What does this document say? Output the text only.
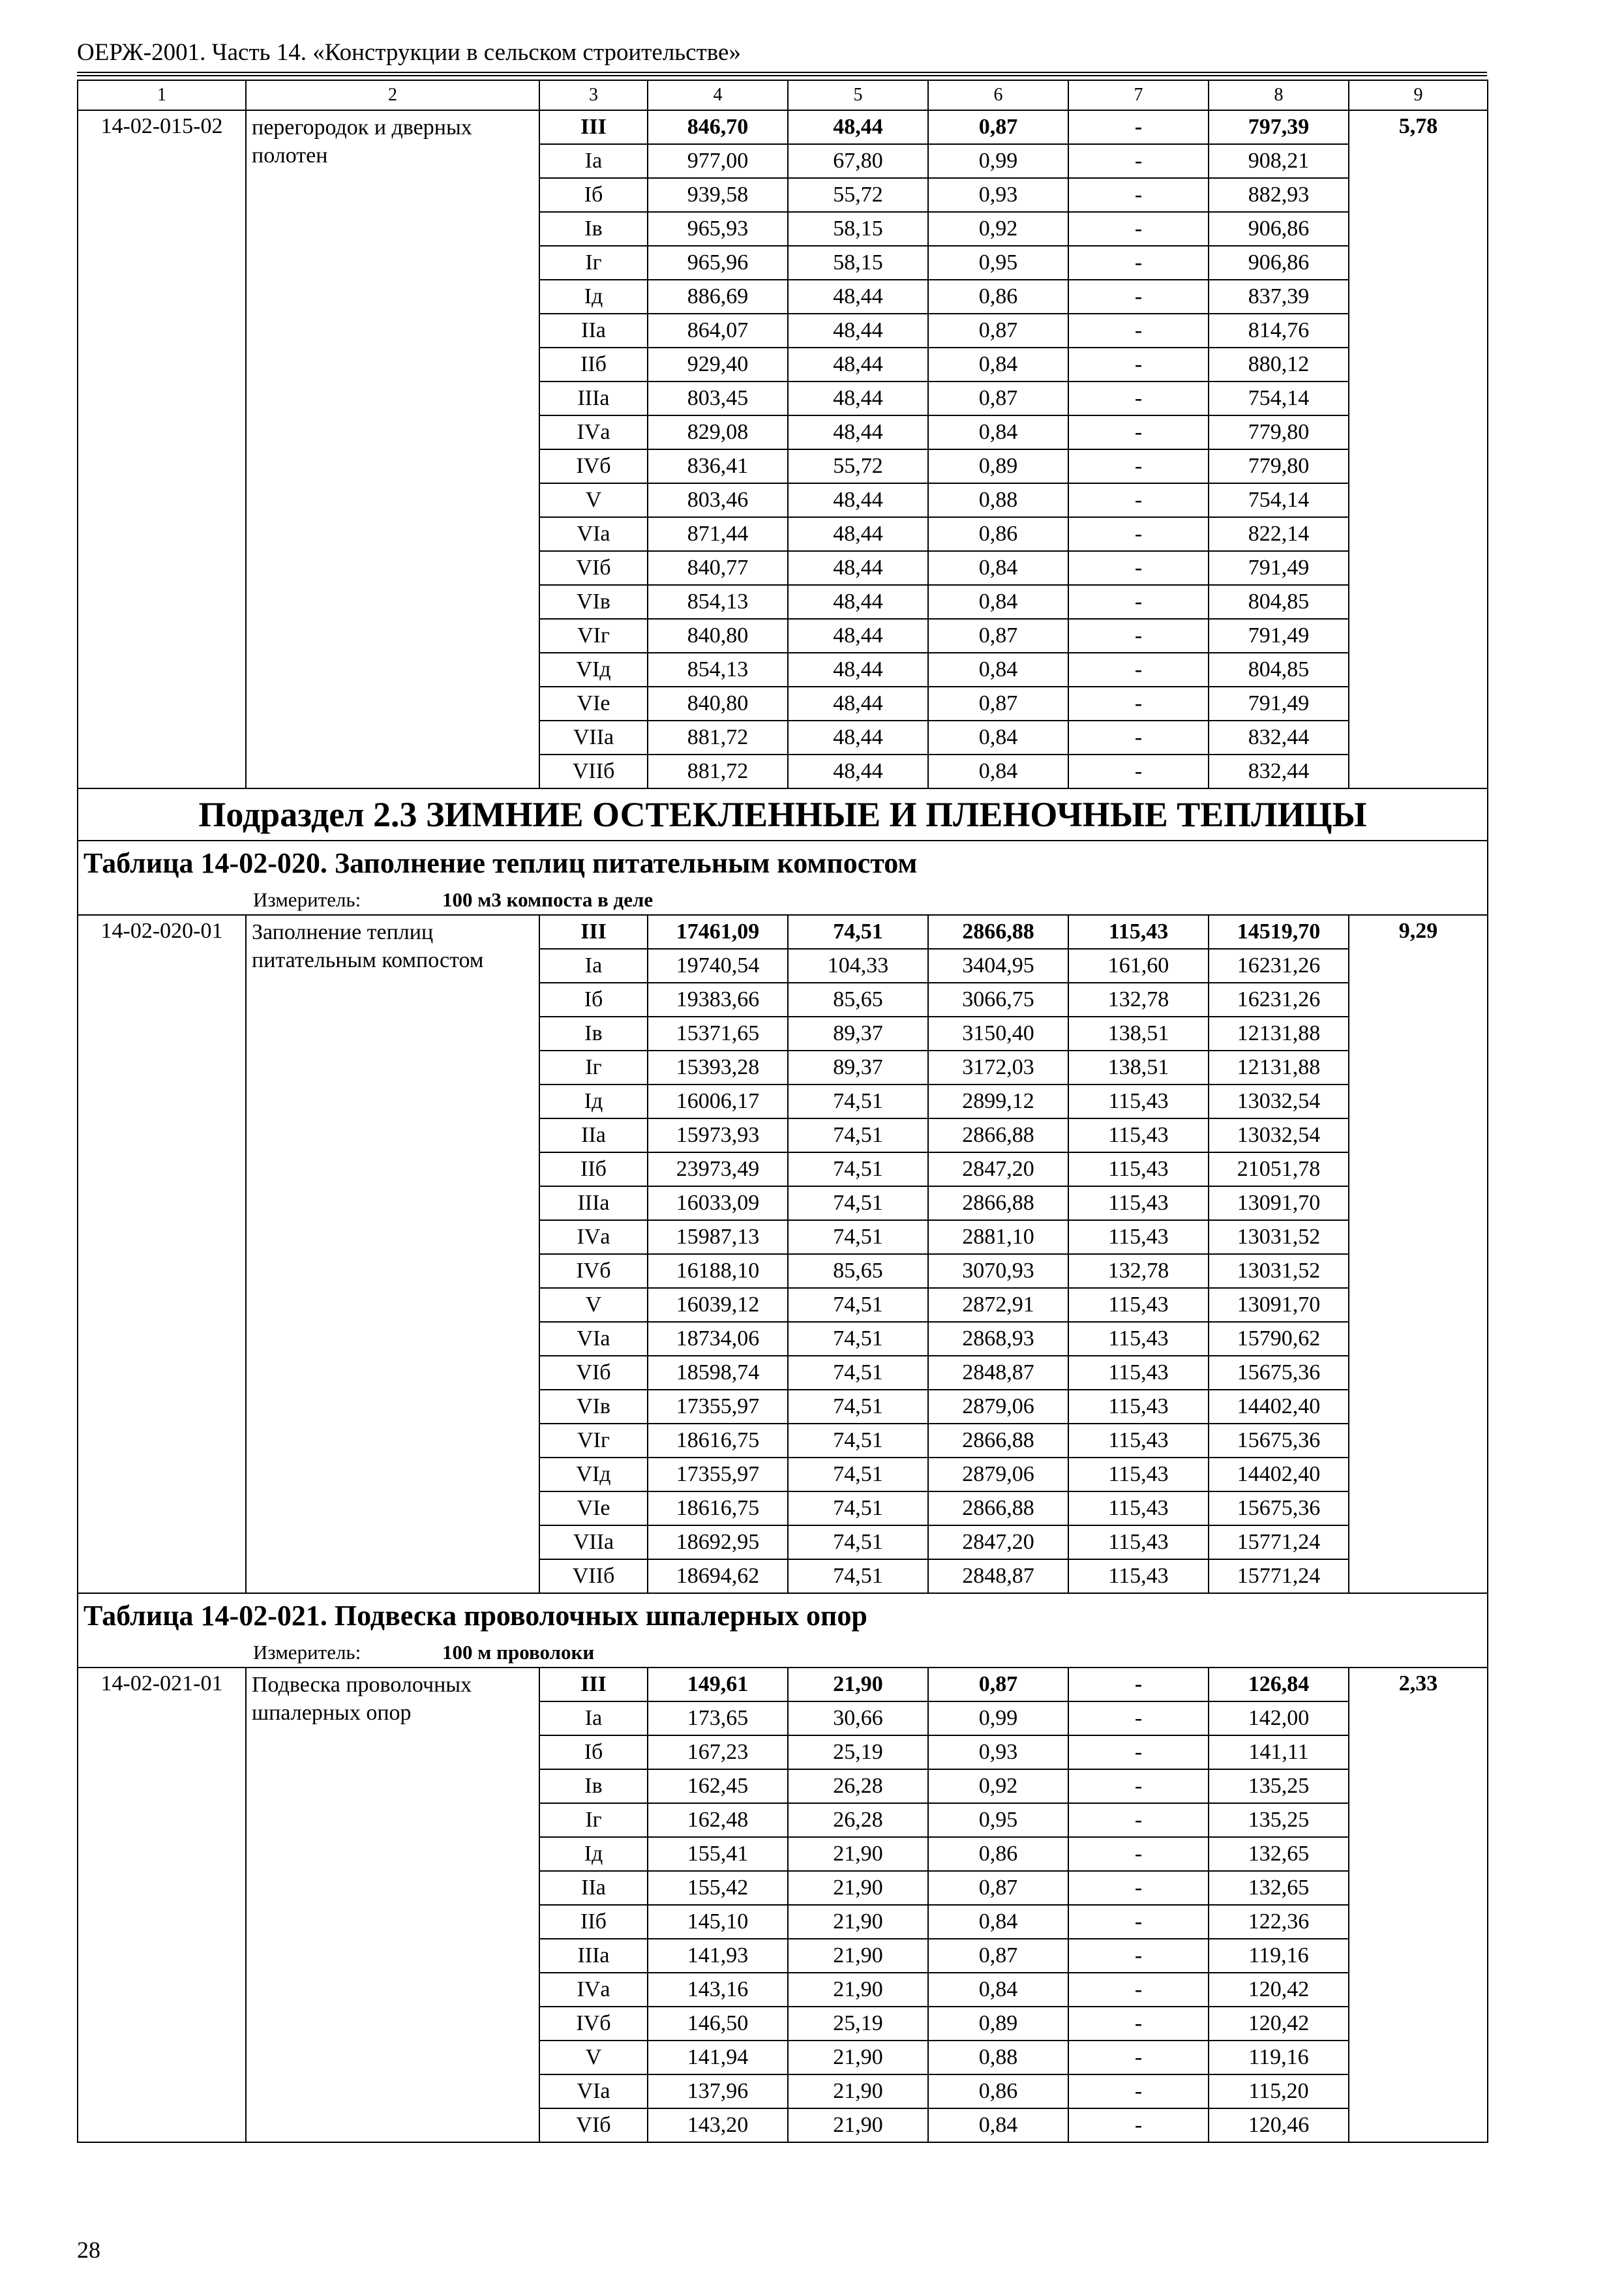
ОЕРЖ-2001. Часть 14. «Конструкции в сельском строительстве»
1	2	3	4	5	6	7	8	9
14-02-015-02	перегородок и дверных полотен	III	846,70	48,44	0,87	-	797,39	5,78
		Iа	977,00	67,80	0,99	-	908,21	
		Iб	939,58	55,72	0,93	-	882,93	
		Iв	965,93	58,15	0,92	-	906,86	
		Iг	965,96	58,15	0,95	-	906,86	
		Iд	886,69	48,44	0,86	-	837,39	
		IIа	864,07	48,44	0,87	-	814,76	
		IIб	929,40	48,44	0,84	-	880,12	
		IIIа	803,45	48,44	0,87	-	754,14	
		IVа	829,08	48,44	0,84	-	779,80	
		IVб	836,41	55,72	0,89	-	779,80	
		V	803,46	48,44	0,88	-	754,14	
		VIа	871,44	48,44	0,86	-	822,14	
		VIб	840,77	48,44	0,84	-	791,49	
		VIв	854,13	48,44	0,84	-	804,85	
		VIг	840,80	48,44	0,87	-	791,49	
		VIд	854,13	48,44	0,84	-	804,85	
		VIе	840,80	48,44	0,87	-	791,49	
		VIIа	881,72	48,44	0,84	-	832,44	
		VIIб	881,72	48,44	0,84	-	832,44	
Подраздел 2.3 ЗИМНИЕ ОСТЕКЛЕННЫЕ И ПЛЕНОЧНЫЕ ТЕПЛИЦЫ								
Таблица 14-02-020. Заполнение теплиц питательным компостом								
Измеритель: 100 м3 компоста в деле								
14-02-020-01	Заполнение теплиц питательным компостом	III	17461,09	74,51	2866,88	115,43	14519,70	9,29
		Iа	19740,54	104,33	3404,95	161,60	16231,26	
		Iб	19383,66	85,65	3066,75	132,78	16231,26	
		Iв	15371,65	89,37	3150,40	138,51	12131,88	
		Iг	15393,28	89,37	3172,03	138,51	12131,88	
		Iд	16006,17	74,51	2899,12	115,43	13032,54	
		IIа	15973,93	74,51	2866,88	115,43	13032,54	
		IIб	23973,49	74,51	2847,20	115,43	21051,78	
		IIIа	16033,09	74,51	2866,88	115,43	13091,70	
		IVа	15987,13	74,51	2881,10	115,43	13031,52	
		IVб	16188,10	85,65	3070,93	132,78	13031,52	
		V	16039,12	74,51	2872,91	115,43	13091,70	
		VIа	18734,06	74,51	2868,93	115,43	15790,62	
		VIб	18598,74	74,51	2848,87	115,43	15675,36	
		VIв	17355,97	74,51	2879,06	115,43	14402,40	
		VIг	18616,75	74,51	2866,88	115,43	15675,36	
		VIд	17355,97	74,51	2879,06	115,43	14402,40	
		VIе	18616,75	74,51	2866,88	115,43	15675,36	
		VIIа	18692,95	74,51	2847,20	115,43	15771,24	
		VIIб	18694,62	74,51	2848,87	115,43	15771,24	
Таблица 14-02-021. Подвеска проволочных шпалерных опор								
Измеритель: 100 м проволоки								
14-02-021-01	Подвеска проволочных шпалерных опор	III	149,61	21,90	0,87	-	126,84	2,33
		Iа	173,65	30,66	0,99	-	142,00	
		Iб	167,23	25,19	0,93	-	141,11	
		Iв	162,45	26,28	0,92	-	135,25	
		Iг	162,48	26,28	0,95	-	135,25	
		Iд	155,41	21,90	0,86	-	132,65	
		IIа	155,42	21,90	0,87	-	132,65	
		IIб	145,10	21,90	0,84	-	122,36	
		IIIа	141,93	21,90	0,87	-	119,16	
		IVа	143,16	21,90	0,84	-	120,42	
		IVб	146,50	25,19	0,89	-	120,42	
		V	141,94	21,90	0,88	-	119,16	
		VIа	137,96	21,90	0,86	-	115,20	
		VIб	143,20	21,90	0,84	-	120,46	
28
